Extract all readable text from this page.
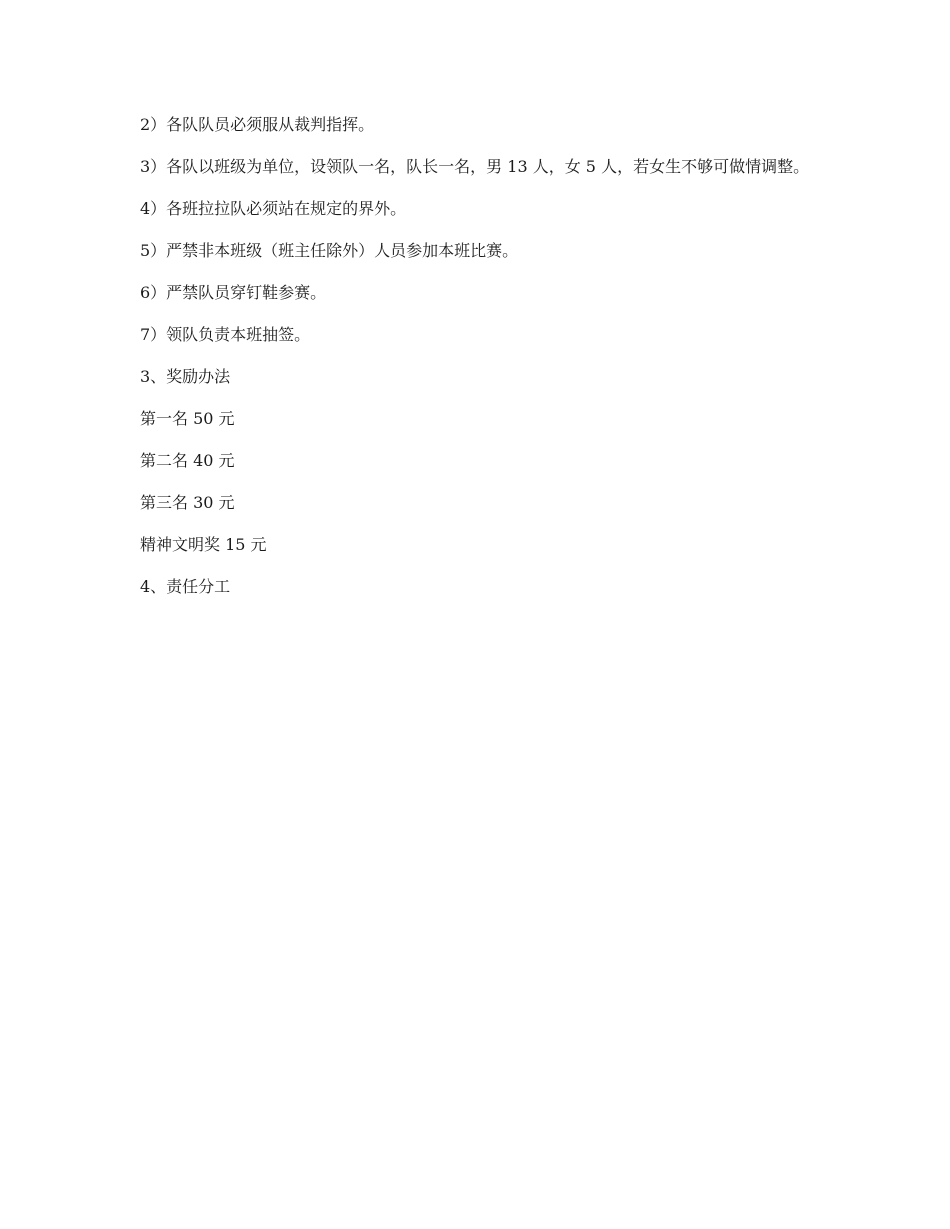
2）各队队员必须服从裁判指挥。

3）各队以班级为单位，设领队一名，队长一名，男 13 人，女 5 人，若女生不够可做情调整。

4）各班拉拉队必须站在规定的界外。

5）严禁非本班级（班主任除外）人员参加本班比赛。

6）严禁队员穿钉鞋参赛。

7）领队负责本班抽签。

3、奖励办法

第一名 50 元

第二名 40 元

第三名 30 元

精神文明奖 15 元

4、责任分工
